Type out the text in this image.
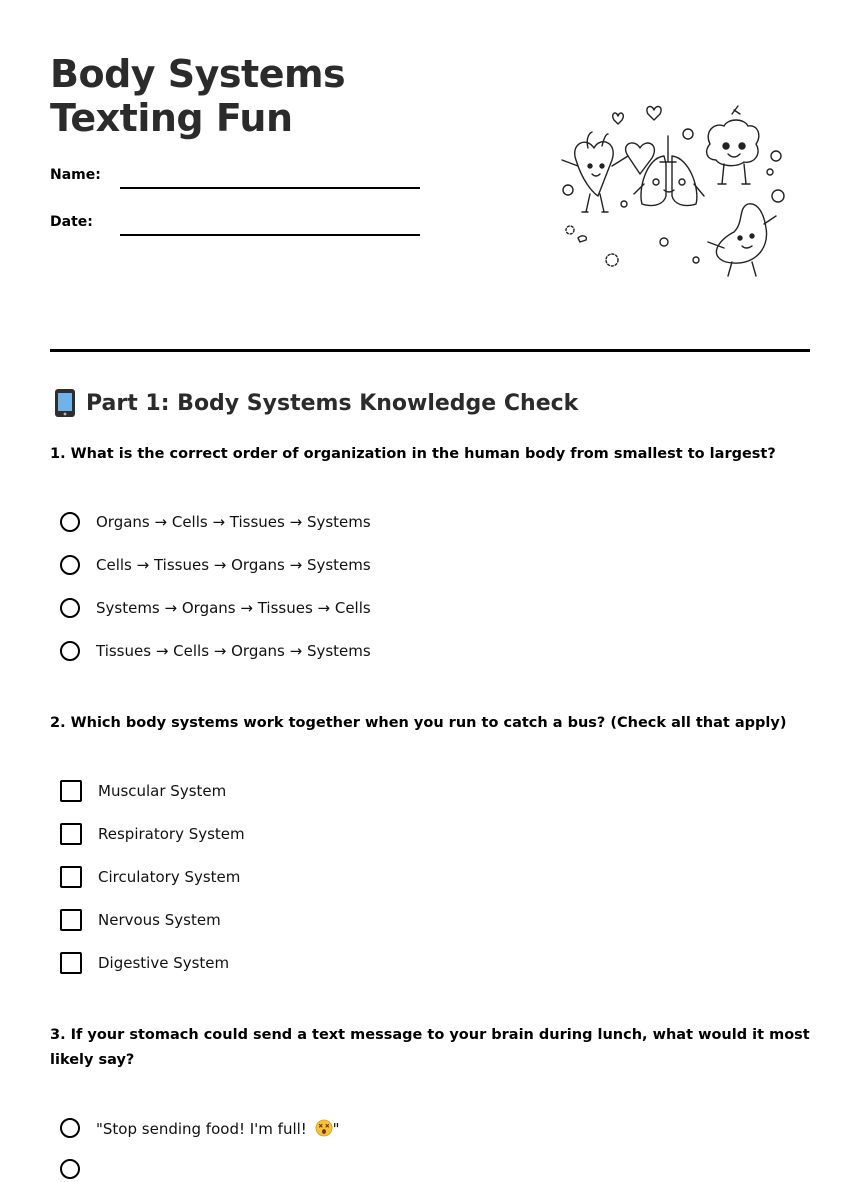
Body Systems Texting Fun
Name:
Date:
Part 1: Body Systems Knowledge Check

1. What is the correct order of organization in the human body from smallest to largest?

Organs → Cells → Tissues → Systems
Cells → Tissues → Organs → Systems
Systems → Organs → Tissues → Cells
Tissues → Cells → Organs → Systems

2. Which body systems work together when you run to catch a bus? (Check all that apply)

Muscular System
Respiratory System
Circulatory System
Nervous System
Digestive System

3. If your stomach could send a text message to your brain during lunch, what would it most likely say?

"Stop sending food! I'm full! "
